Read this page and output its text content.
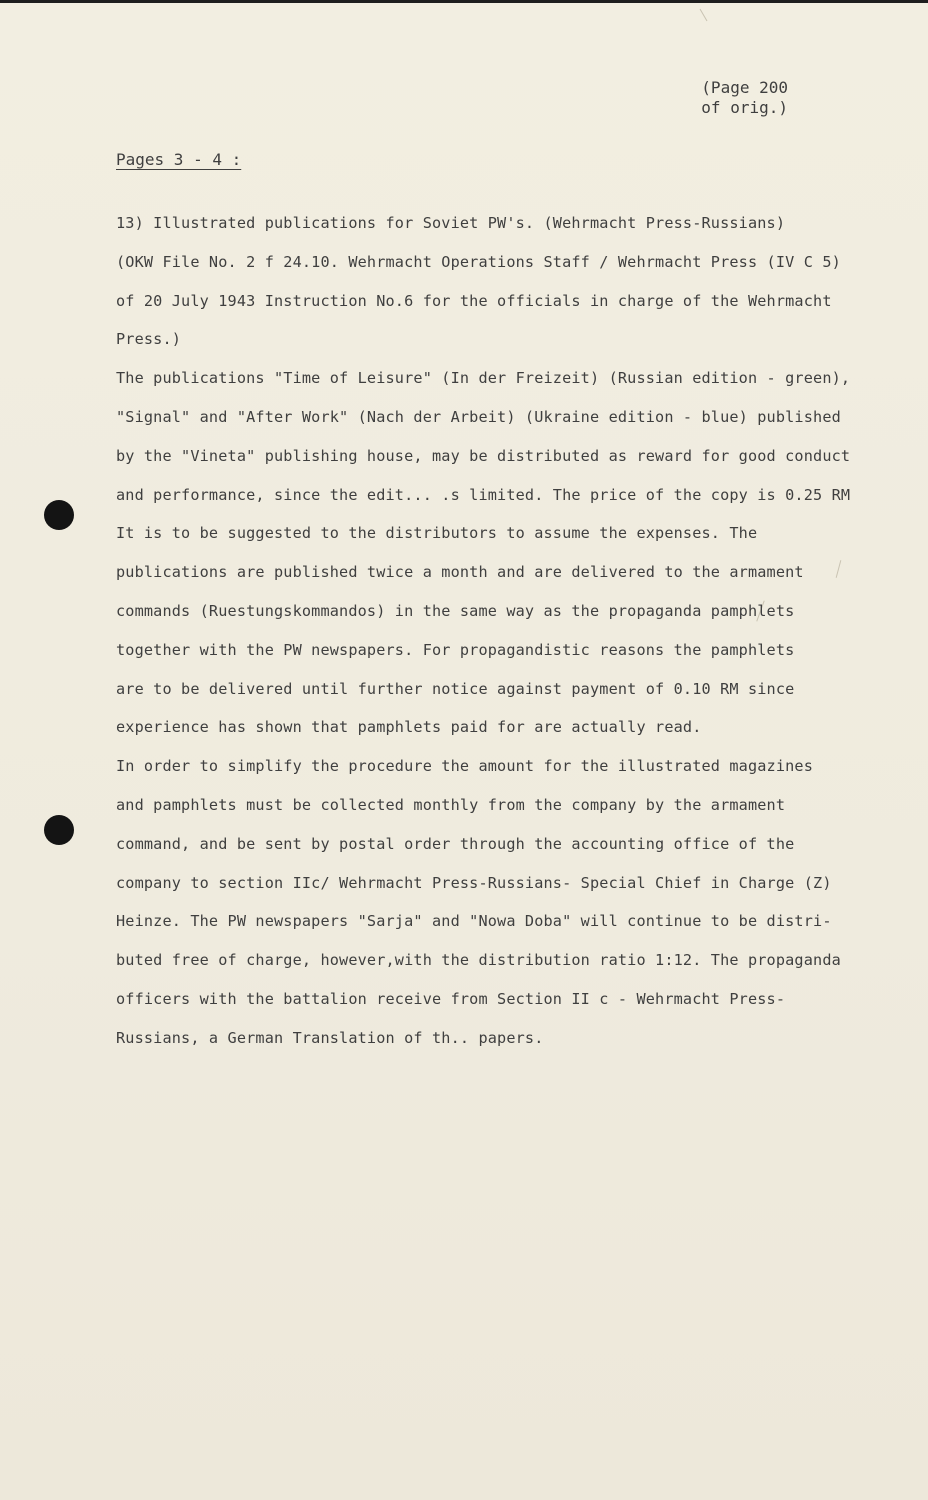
(Page 200
of orig.)
Pages 3 - 4 :
13) Illustrated publications for Soviet PW's. (Wehrmacht Press-Russians)
(OKW File No. 2 f 24.10. Wehrmacht Operations Staff / Wehrmacht Press (IV C 5)
of 20 July 1943 Instruction No.6 for the officials in charge of the Wehrmacht
Press.)
The publications "Time of Leisure" (In der Freizeit) (Russian edition - green),
"Signal" and "After Work" (Nach der Arbeit) (Ukraine edition - blue) published
by the "Vineta" publishing house, may be distributed as reward for good conduct
and performance, since the edit... .s limited. The price of the copy is 0.25 RM
It is to be suggested to the distributors to assume the expenses. The
publications are published twice a month and are delivered to the armament
commands (Ruestungskommandos) in the same way as the propaganda pamphlets
together with the PW newspapers. For propagandistic reasons the pamphlets
are to be delivered until further notice against payment of 0.10 RM since
experience has shown that pamphlets paid for are actually read.
In order to simplify the procedure the amount for the illustrated magazines
and pamphlets must be collected monthly from the company by the armament
command, and be sent by postal order through the accounting office of the
company to section IIc/ Wehrmacht Press-Russians- Special Chief in Charge (Z)
Heinze. The PW newspapers "Sarja" and "Nowa Doba" will continue to be distri-
buted free of charge, however,with the distribution ratio 1:12. The propaganda
officers with the battalion receive from Section II c - Wehrmacht Press-
Russians, a German Translation of th.. papers.
